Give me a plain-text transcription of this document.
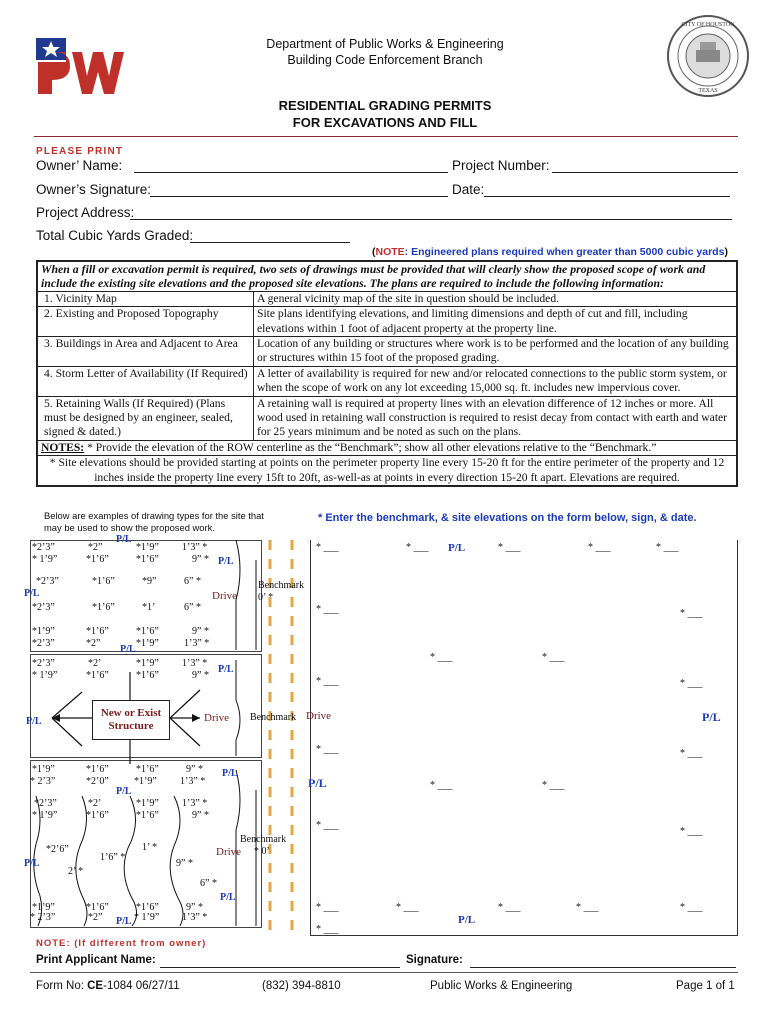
CITY OF HOUSTON
TEXAS
Department of Public Works & Engineering
Building Code Enforcement Branch
RESIDENTIAL GRADING PERMITS
FOR EXCAVATIONS AND FILL
PLEASE PRINT
Owner’ Name:	Project Number:
Owner’s Signature:	Date:
Project Address:
Total Cubic Yards Graded:
(NOTE: Engineered plans required when greater than 5000 cubic yards)
When a fill or excavation permit is required, two sets of drawings must be provided that will clearly show the proposed scope of work and include the existing site elevations and the proposed site elevations. The plans are required to include the following information:	
1. Vicinity Map	A general vicinity map of the site in question should be included.
2. Existing and Proposed Topography	Site plans identifying elevations, and limiting dimensions and depth of cut and fill, including elevations within 1 foot of adjacent property at the property line.
3. Buildings in Area and Adjacent to Area	Location of any building or structures where work is to be performed and the location of any building or structures within 15 foot of the proposed grading.
4. Storm Letter of Availability (If Required)	A letter of availability is required for new and/or relocated connections to the public storm system, or when the scope of work on any lot exceeding 15,000 sq. ft. includes new impervious cover.
5. Retaining Walls (If Required) (Plans must be designed by an engineer, sealed, signed & dated.)	A retaining wall is required at property lines with an elevation difference of 12 inches or more. All wood used in retaining wall construction is required to resist decay from contact with earth and water for 25 years minimum and be noted as such on the plans.
NOTES: * Provide the elevation of the ROW centerline as the “Benchmark”; show all other elevations relative to the “Benchmark.”	
* Site elevations should be provided starting at points on the perimeter property line every 15-20 ft for the entire perimeter of the property and 12 inches inside the property line every 15ft to 20ft, as-well-as at points in every direction 15-20 ft apart. Elevations are required.	
Below are examples of drawing types for the site that may be used to show the proposed work.
New or Exist Structure
*2’3”	*2”	*1’9” 1’3” *
* 1’9”	*1’6”	*1’6”	9” *
P/L
P/L
*2’3”	*1’6”	*9”	6” *
P/L	Drive
Benchmark
0’ *
*2’3”	*1’6”	*1’	6” *
*1’9”	*1’6”	*1’6”	9” *
*2’3”	*2”	*1’9”	1’3” *
P/L
*2’3”	*2’	*1’9” 1’3” *
* 1’9”	*1’6”	*1’6”	9” *
P/L
P/L	Drive
*1’9”	*1’6”	*1’6”	9” *
* 2’3”	*2’0”	*1’9” 1’3” *
P/L
P/L
*2’3”	*2’	*1’9” 1’3” *
* 1’9”	*1’6”	*1’6”	9” *
*2’6”
1’6” *
1’ *
9” *
2’ *
6” *
P/L
Drive
Benchmark
* 0’
P/L
*1’9”	*1’6”	*1’6”	9” *
* 2’3”	*2”	* 1’9” 1’3” *
P/L
* Enter the benchmark, & site elevations on the form below, sign, & date.
* ___	* ___ P/L	* ___	* ___	* ___
* ___	* ___
* ___	* ___
* ___	* ___
Benchmark Drive	P/L
* ___	* ___
P/L	* ___	* ___
* ___
* ___
* ___	* ___	* ___	* ___	* ___
P/L
* ___
NOTE: (If different from owner)
Print Applicant Name:	Signature:
Form No: CE-1084 06/27/11	(832) 394-8810	Public Works & Engineering	Page 1 of 1
